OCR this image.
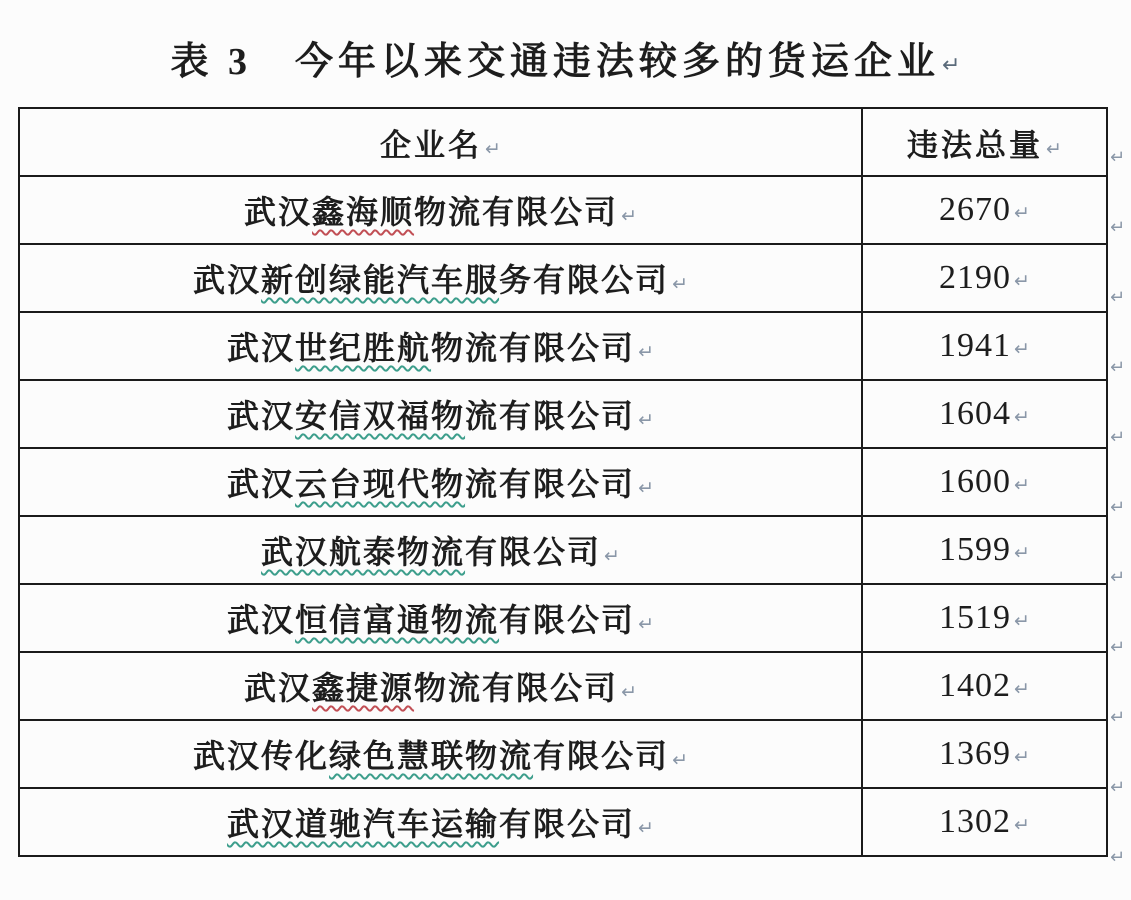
表 3　今年以来交通违法较多的货运企业↵
企业名 ↵	违法总量 ↵
武汉鑫海顺物流有限公司 ↵	2670 ↵
武汉新创绿能汽车服务有限公司 ↵	2190 ↵
武汉世纪胜航物流有限公司 ↵	1941 ↵
武汉安信双福物流有限公司 ↵	1604 ↵
武汉云台现代物流有限公司 ↵	1600 ↵
武汉航泰物流有限公司 ↵	1599 ↵
武汉恒信富通物流有限公司 ↵	1519 ↵
武汉鑫捷源物流有限公司 ↵	1402 ↵
武汉传化绿色慧联物流有限公司 ↵	1369 ↵
武汉道驰汽车运输有限公司 ↵	1302 ↵
↵
↵
↵
↵
↵
↵
↵
↵
↵
↵
↵
